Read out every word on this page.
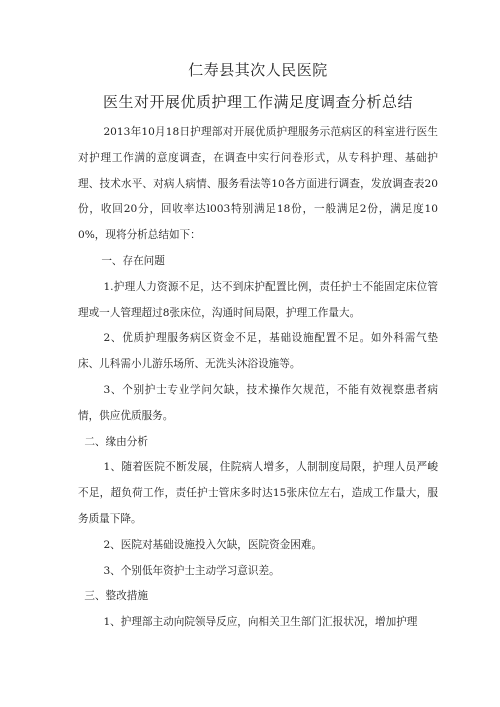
仁寿县其次人民医院

医生对开展优质护理工作满足度调查分析总结

2013年10月18日护理部对开展优质护理服务示范病区的科室进行医生对护理工作满的意度调查，在调查中实行问卷形式，从专科护理、基础护理、技术水平、对病人病情、服务看法等10各方面进行调查，发放调查表20份，收回20分，回收率达l003特别满足18份，一般满足2份，满足度100%，现将分析总结如下：

一、存在问题

1.护理人力资源不足，达不到床护配置比例，责任护士不能固定床位管理或一人管理超过8张床位，沟通时间局限，护理工作量大。

2、优质护理服务病区资金不足，基础设施配置不足。如外科需气垫床、儿科需小儿游乐场所、无洗头沐浴设施等。

3、个别护士专业学问欠缺，技术操作欠规范，不能有效视察患者病情，供应优质服务。

二、缘由分析

1、随着医院不断发展，住院病人增多，人制制度局限，护理人员严峻不足，超负荷工作，责任护士管床多时达15张床位左右，造成工作量大，服务质量下降。

2、医院对基础设施投入欠缺，医院资金困难。

3、个别低年资护士主动学习意识差。

三、整改措施

1、护理部主动向院领导反应，向相关卫生部门汇报状况，增加护理
